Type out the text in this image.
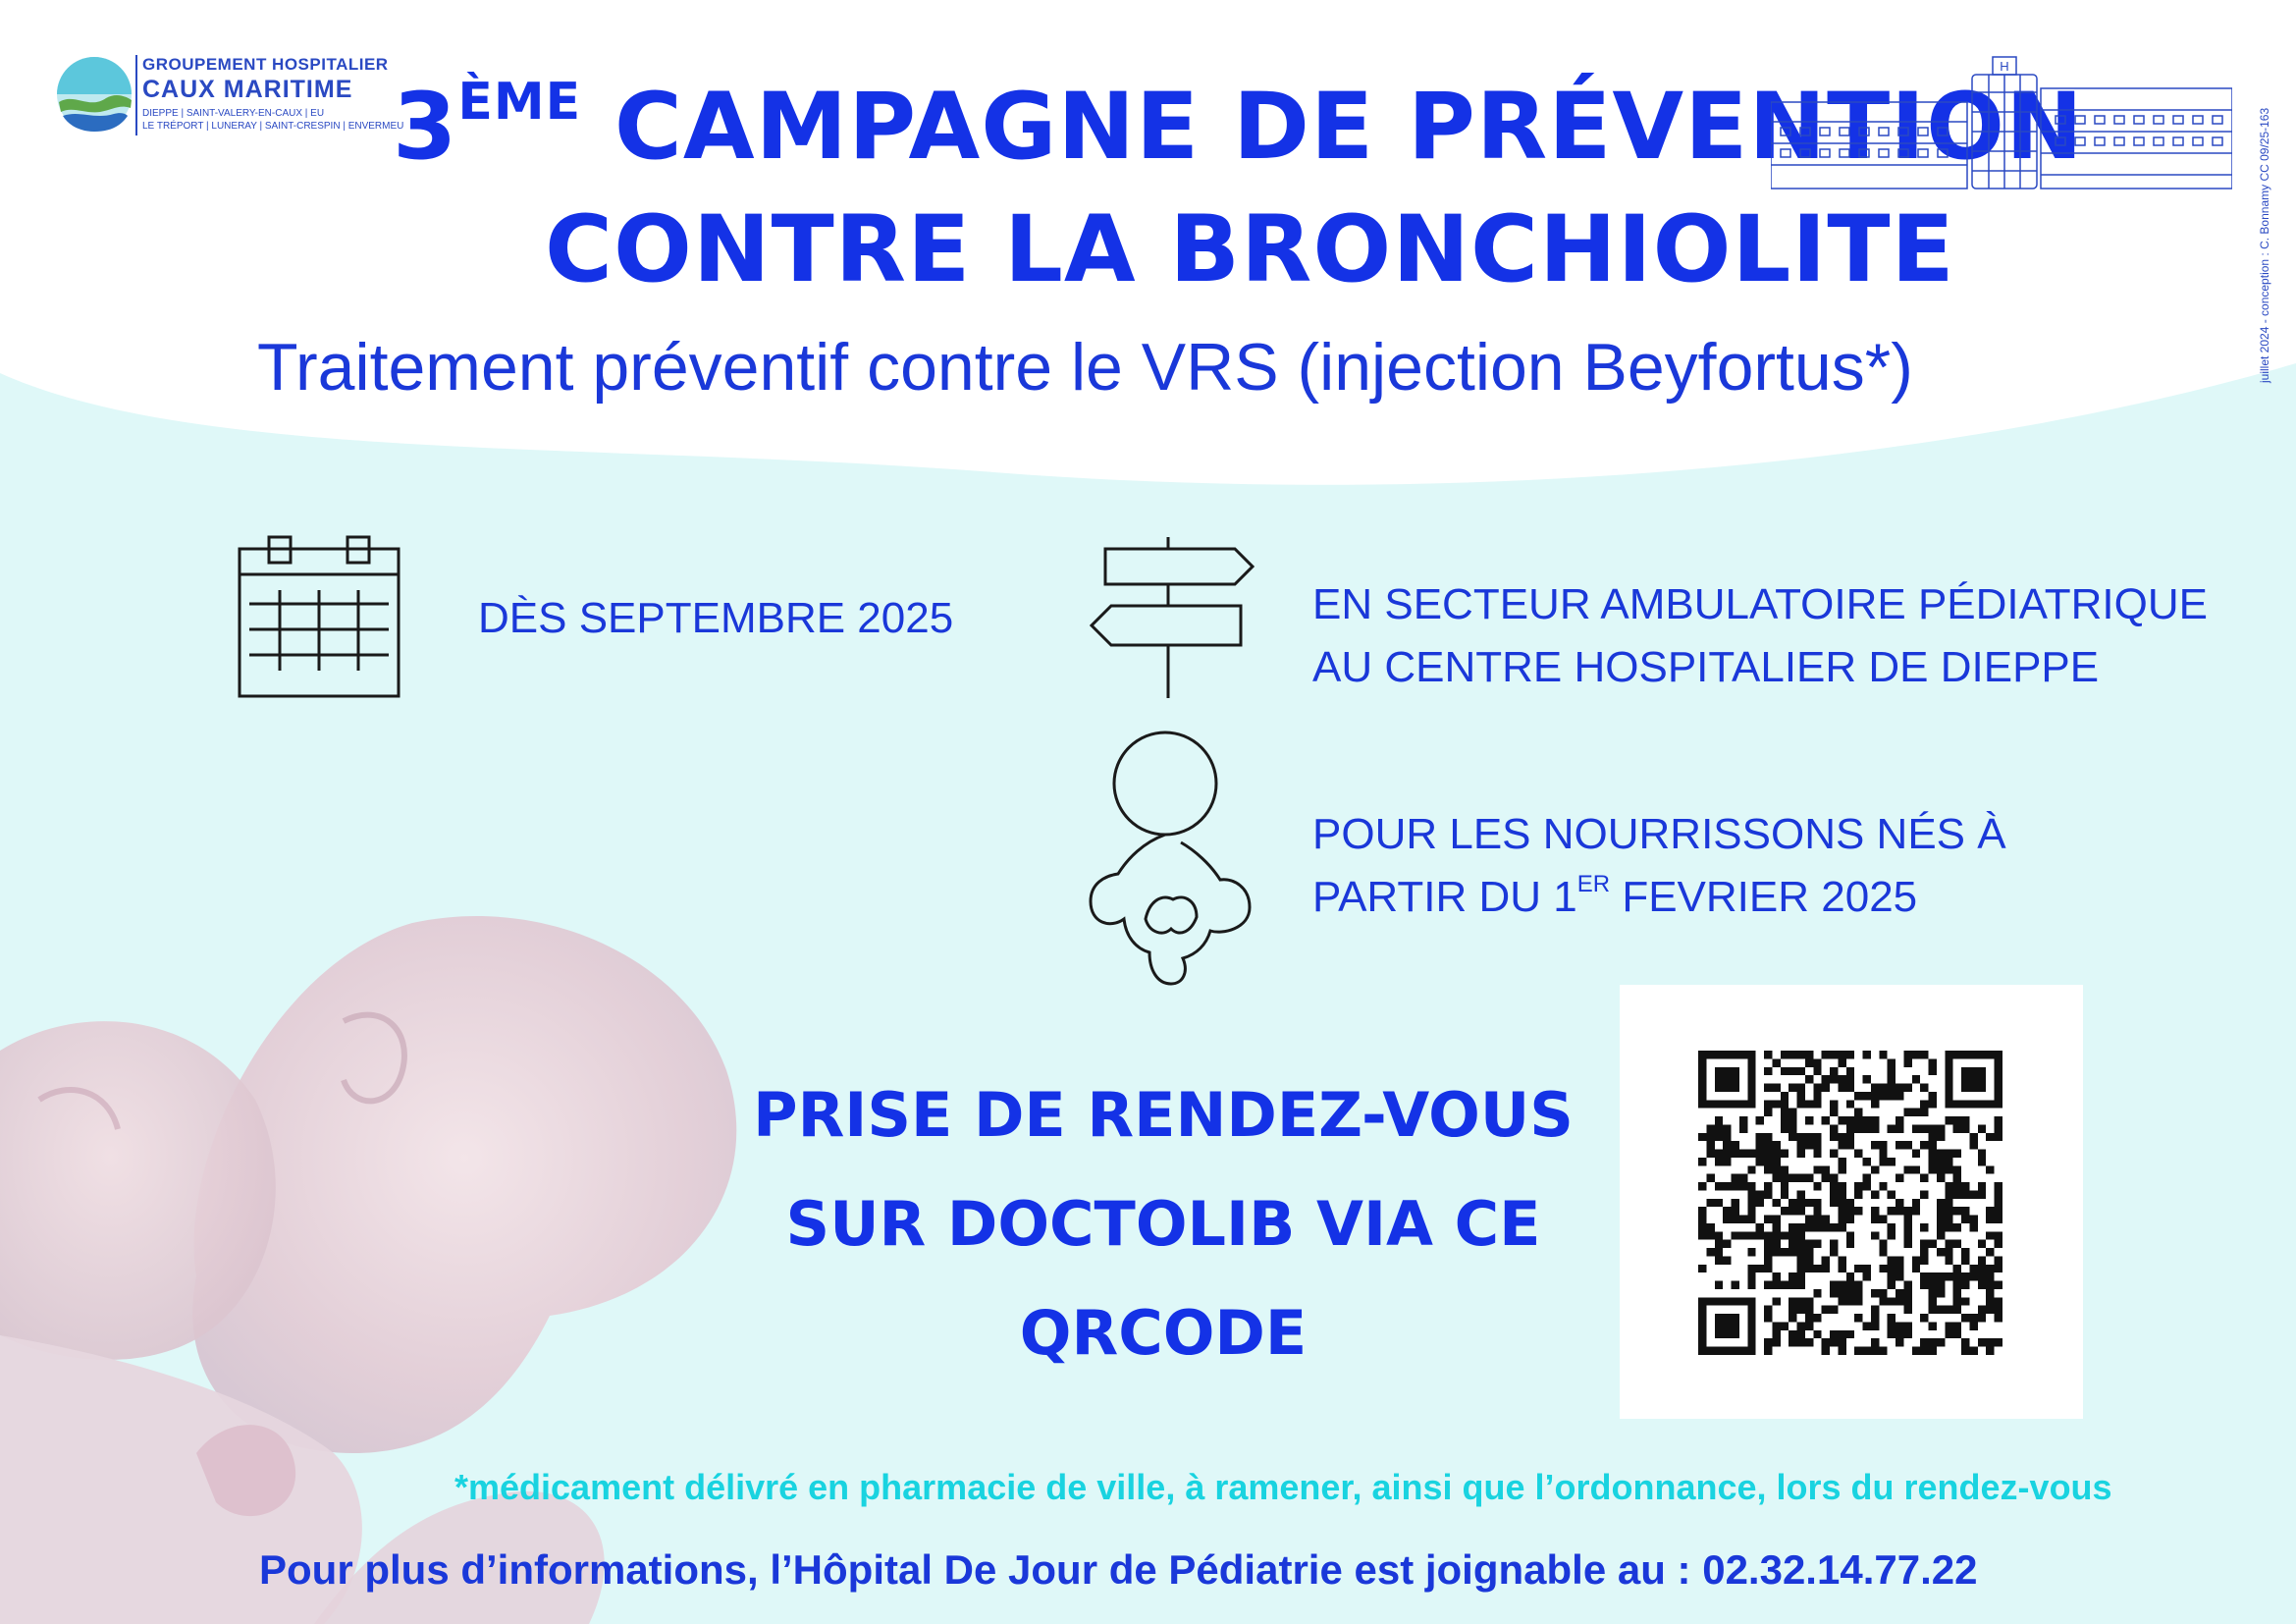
GROUPEMENT HOSPITALIER
CAUX MARITIME
DIEPPE | SAINT-VALERY-EN-CAUX | EU
LE TRÉPORT | LUNERAY | SAINT-CRESPIN | ENVERMEU
3ÈME CAMPAGNE DE PRÉVENTION
CONTRE LA BRONCHIOLITE
Traitement préventif contre le VRS (injection Beyfortus*)
H
juillet 2024 - conception : C. Bonnamy CC 09/25-163
DÈS SEPTEMBRE 2025	EN SECTEUR AMBULATOIRE PÉDIATRIQUE
AU CENTRE HOSPITALIER DE DIEPPE
POUR LES NOURRISSONS NÉS À
PARTIR DU 1ER FEVRIER 2025
PRISE DE RENDEZ-VOUS
SUR DOCTOLIB VIA CE
QRCODE
*médicament délivré en pharmacie de ville, à ramener, ainsi que l’ordonnance, lors du rendez-vous
Pour plus d’informations, l’Hôpital De Jour de Pédiatrie est joignable au : 02.32.14.77.22
